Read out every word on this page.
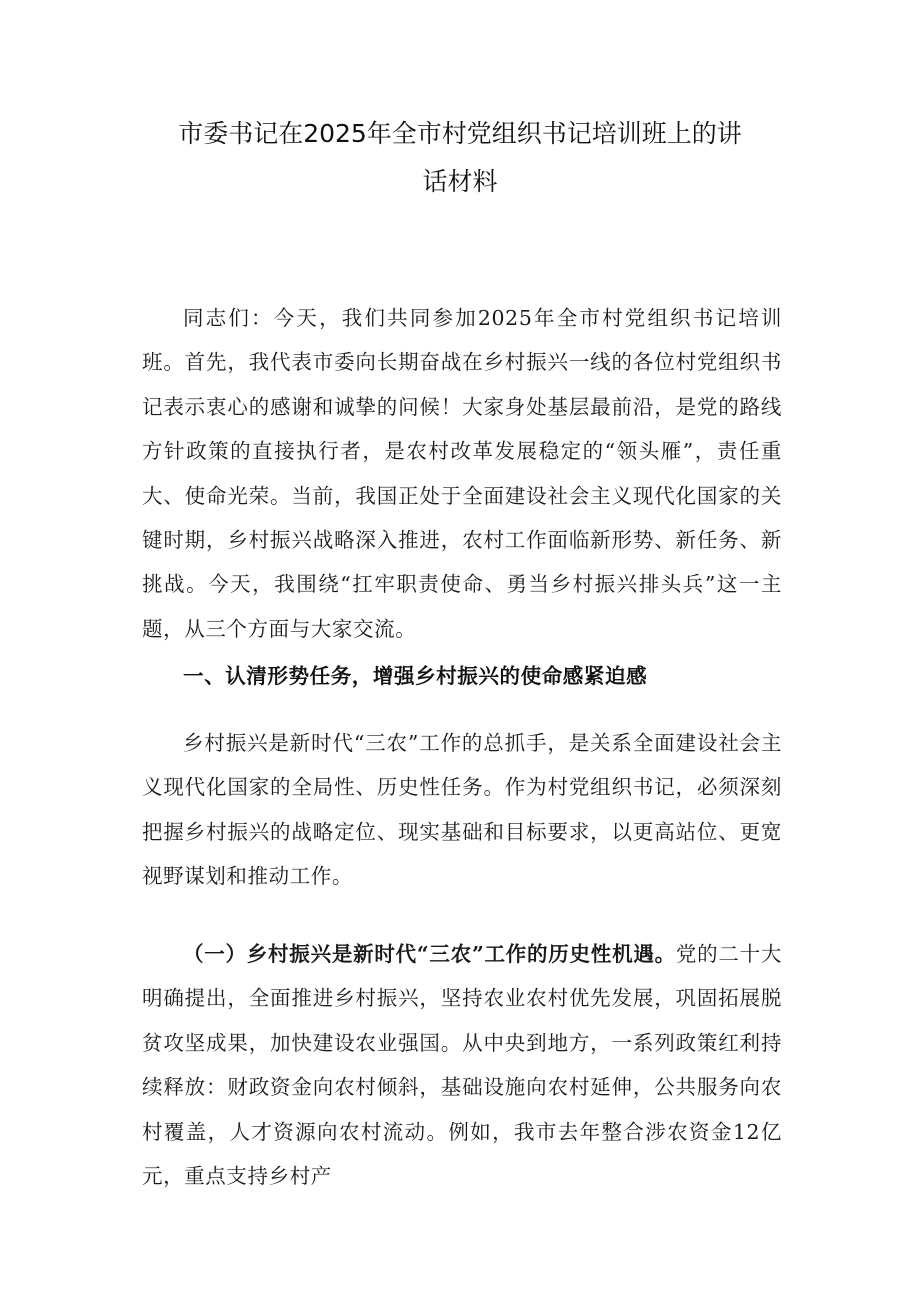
市委书记在2025年全市村党组织书记培训班上的讲
话材料

同志们：今天，我们共同参加2025年全市村党组织书记培训班。首先，我代表市委向长期奋战在乡村振兴一线的各位村党组织书记表示衷心的感谢和诚挚的问候！大家身处基层最前沿，是党的路线方针政策的直接执行者，是农村改革发展稳定的“领头雁”，责任重大、使命光荣。当前，我国正处于全面建设社会主义现代化国家的关键时期，乡村振兴战略深入推进，农村工作面临新形势、新任务、新挑战。今天，我围绕“扛牢职责使命、勇当乡村振兴排头兵”这一主题，从三个方面与大家交流。

一、认清形势任务，增强乡村振兴的使命感紧迫感

乡村振兴是新时代“三农”工作的总抓手，是关系全面建设社会主义现代化国家的全局性、历史性任务。作为村党组织书记，必须深刻把握乡村振兴的战略定位、现实基础和目标要求，以更高站位、更宽视野谋划和推动工作。

（一）乡村振兴是新时代“三农”工作的历史性机遇。党的二十大明确提出，全面推进乡村振兴，坚持农业农村优先发展，巩固拓展脱贫攻坚成果，加快建设农业强国。从中央到地方，一系列政策红利持续释放：财政资金向农村倾斜，基础设施向农村延伸，公共服务向农村覆盖，人才资源向农村流动。例如，我市去年整合涉农资金12亿元，重点支持乡村产
